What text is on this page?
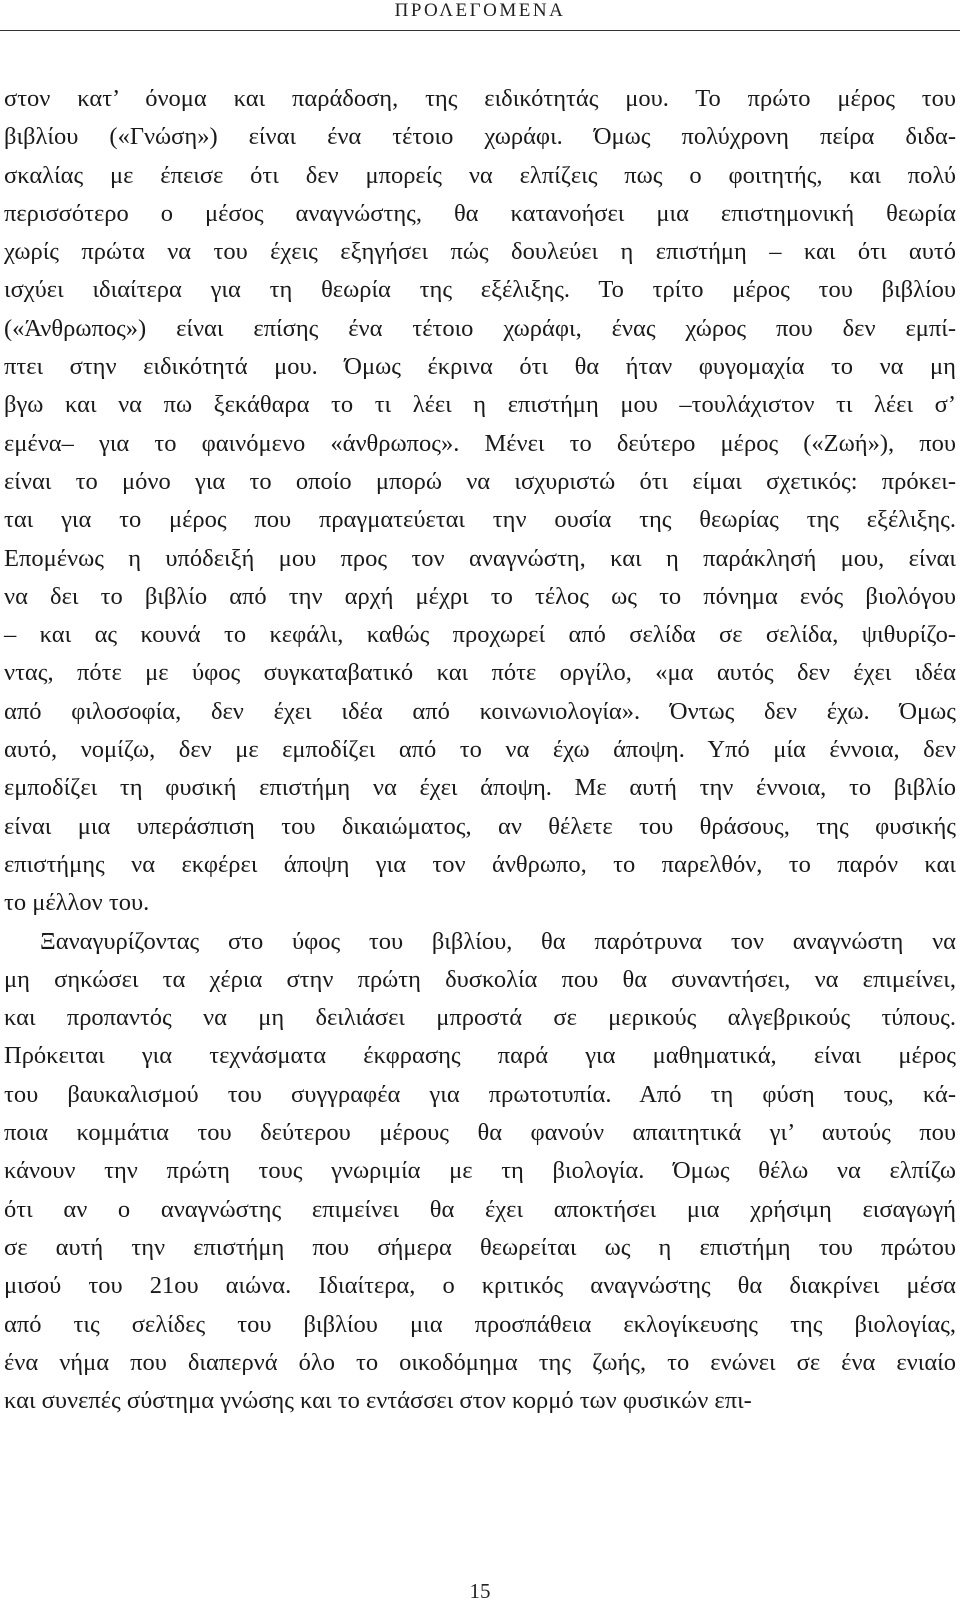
ΠΡΟΛΕΓΟΜΕΝΑ

στον κατ’ όνομα και παράδοση, της ειδικότητάς μου. Το πρώτο μέρος του
βιβλίου («Γνώση») είναι ένα τέτοιο χωράφι. Όμως πολύχρονη πείρα διδα-
σκαλίας με έπεισε ότι δεν μπορείς να ελπίζεις πως ο φοιτητής, και πολύ
περισσότερο ο μέσος αναγνώστης, θα κατανοήσει μια επιστημονική θεωρία
χωρίς πρώτα να του έχεις εξηγήσει πώς δουλεύει η επιστήμη – και ότι αυτό
ισχύει ιδιαίτερα για τη θεωρία της εξέλιξης. Το τρίτο μέρος του βιβλίου
(«Άνθρωπος») είναι επίσης ένα τέτοιο χωράφι, ένας χώρος που δεν εμπί-
πτει στην ειδικότητά μου. Όμως έκρινα ότι θα ήταν φυγομαχία το να μη
βγω και να πω ξεκάθαρα το τι λέει η επιστήμη μου –τουλάχιστον τι λέει σ’
εμένα– για το φαινόμενο «άνθρωπος». Μένει το δεύτερο μέρος («Ζωή»), που
είναι το μόνο για το οποίο μπορώ να ισχυριστώ ότι είμαι σχετικός: πρόκει-
ται για το μέρος που πραγματεύεται την ουσία της θεωρίας της εξέλιξης.
Επομένως η υπόδειξή μου προς τον αναγνώστη, και η παράκλησή μου, είναι
να δει το βιβλίο από την αρχή μέχρι το τέλος ως το πόνημα ενός βιολόγου
– και ας κουνά το κεφάλι, καθώς προχωρεί από σελίδα σε σελίδα, ψιθυρίζο-
ντας, πότε με ύφος συγκαταβατικό και πότε οργίλο, «μα αυτός δεν έχει ιδέα
από φιλοσοφία, δεν έχει ιδέα από κοινωνιολογία». Όντως δεν έχω. Όμως
αυτό, νομίζω, δεν με εμποδίζει από το να έχω άποψη. Υπό μία έννοια, δεν
εμποδίζει τη φυσική επιστήμη να έχει άποψη. Με αυτή την έννοια, το βιβλίο
είναι μια υπεράσπιση του δικαιώματος, αν θέλετε του θράσους, της φυσικής
επιστήμης να εκφέρει άποψη για τον άνθρωπο, το παρελθόν, το παρόν και
το μέλλον του.

Ξαναγυρίζοντας στο ύφος του βιβλίου, θα παρότρυνα τον αναγνώστη να
μη σηκώσει τα χέρια στην πρώτη δυσκολία που θα συναντήσει, να επιμείνει,
και προπαντός να μη δειλιάσει μπροστά σε μερικούς αλγεβρικούς τύπους.
Πρόκειται για τεχνάσματα έκφρασης παρά για μαθηματικά, είναι μέρος
του βαυκαλισμού του συγγραφέα για πρωτοτυπία. Από τη φύση τους, κά-
ποια κομμάτια του δεύτερου μέρους θα φανούν απαιτητικά γι’ αυτούς που
κάνουν την πρώτη τους γνωριμία με τη βιολογία. Όμως θέλω να ελπίζω
ότι αν ο αναγνώστης επιμείνει θα έχει αποκτήσει μια χρήσιμη εισαγωγή
σε αυτή την επιστήμη που σήμερα θεωρείται ως η επιστήμη του πρώτου
μισού του 21ου αιώνα. Ιδιαίτερα, ο κριτικός αναγνώστης θα διακρίνει μέσα
από τις σελίδες του βιβλίου μια προσπάθεια εκλογίκευσης της βιολογίας,
ένα νήμα που διαπερνά όλο το οικοδόμημα της ζωής, το ενώνει σε ένα ενιαίο
και συνεπές σύστημα γνώσης και το εντάσσει στον κορμό των φυσικών επι-

15
